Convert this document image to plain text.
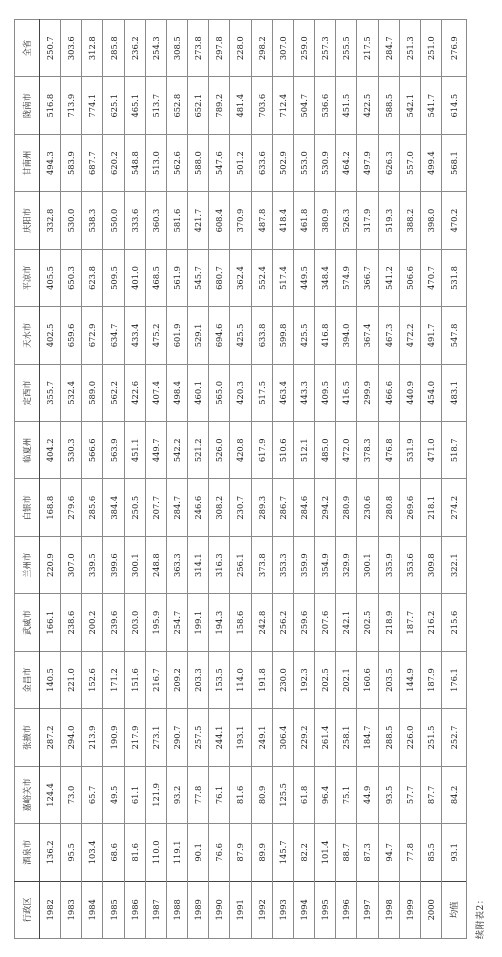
续附表2：
行政区	酒泉市	嘉峪关市	张掖市	金昌市	武威市	兰州市	白银市	临夏州	定西市	天水市	平凉市	庆阳市	甘南州	陇南市	全省
1982	136.2	124.4	287.2	140.5	166.1	220.9	168.8	404.2	355.7	402.5	405.5	332.8	494.3	516.8	250.7
1983	95.5	73.0	294.0	221.0	238.6	307.0	279.6	530.3	532.4	659.6	650.3	530.0	583.9	713.9	303.6
1984	103.4	65.7	213.9	152.6	200.2	339.5	285.6	566.6	589.0	672.9	623.8	538.3	687.7	774.1	312.8
1985	68.6	49.5	190.9	171.2	239.6	399.6	384.4	563.9	562.2	634.7	509.5	550.0	620.2	625.1	285.8
1986	81.6	61.1	217.9	151.6	203.0	300.1	250.5	451.1	422.6	433.4	401.0	333.6	548.8	465.1	236.2
1987	110.0	121.9	273.1	216.7	195.9	248.8	207.7	449.7	407.4	475.2	468.5	360.3	513.0	513.7	254.3
1988	119.1	93.2	290.7	209.2	254.7	363.3	284.7	542.2	498.4	601.9	561.9	581.6	562.6	652.8	308.5
1989	90.1	77.8	257.5	203.3	199.1	314.1	246.6	521.2	460.1	529.1	545.7	421.7	588.0	652.1	273.8
1990	76.6	76.1	244.1	153.5	194.3	316.3	308.2	526.0	565.0	694.6	680.7	608.4	547.6	789.2	297.8
1991	87.9	81.6	193.1	114.0	158.6	256.1	230.7	420.8	420.3	425.5	362.4	370.9	501.2	481.4	228.0
1992	89.9	80.9	249.1	191.8	242.8	373.8	289.3	617.9	517.5	633.8	552.4	487.8	633.6	703.6	298.2
1993	145.7	125.5	306.4	230.0	256.2	353.3	286.7	510.6	463.4	599.8	517.4	418.4	502.9	712.4	307.0
1994	82.2	61.8	229.2	192.3	259.6	359.9	284.6	512.1	443.3	425.5	449.5	461.8	553.0	504.7	259.0
1995	101.4	96.4	261.4	202.5	207.6	354.9	294.2	485.0	409.5	416.8	348.4	380.9	530.9	536.6	257.3
1996	88.7	75.1	258.1	202.1	242.1	329.9	280.9	472.0	416.5	394.0	574.9	526.3	464.2	451.5	255.5
1997	87.3	44.9	184.7	160.6	202.5	300.1	230.6	378.3	299.9	367.4	366.7	317.9	497.9	422.5	217.5
1998	94.7	93.5	288.5	203.5	218.9	335.9	280.8	476.8	466.6	467.3	541.2	519.3	626.3	588.5	284.7
1999	77.8	57.7	226.0	144.9	187.7	353.6	269.6	531.9	440.9	472.2	506.6	388.2	557.0	542.1	251.3
2000	85.5	87.7	251.5	187.9	216.2	309.8	218.1	471.0	454.0	491.7	470.7	398.0	499.4	541.7	251.0
均值	93.1	84.2	252.7	176.1	215.6	322.1	274.2	518.7	483.1	547.8	531.8	470.2	568.1	614.5	276.9
